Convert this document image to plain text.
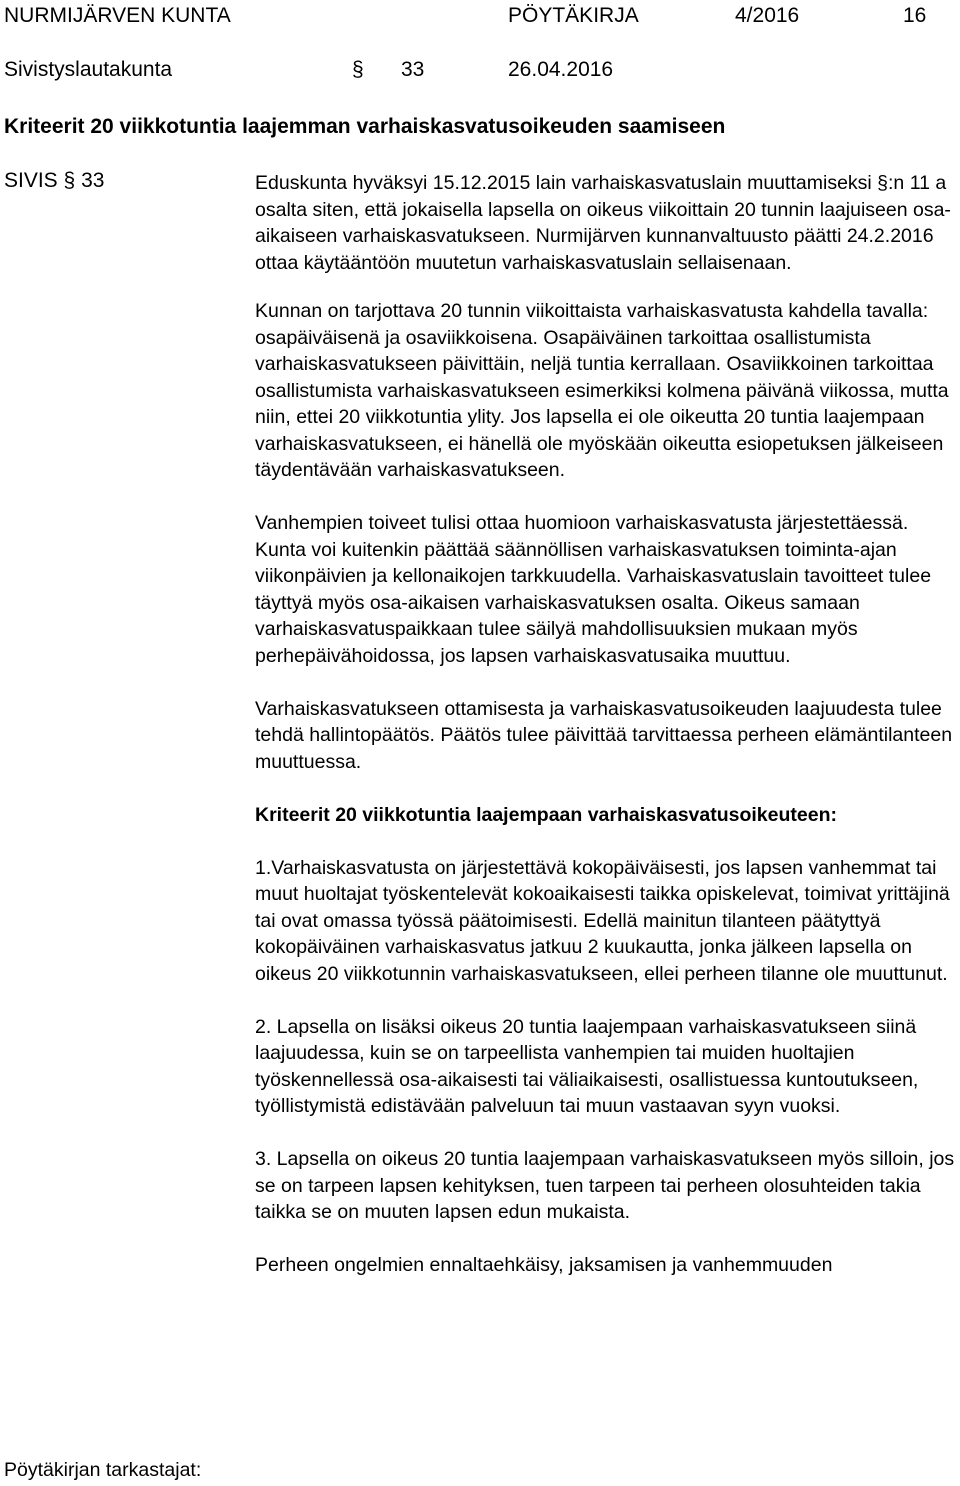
NURMIJÄRVEN KUNTA	PÖYTÄKIRJA	4/2016	16
Sivistyslautakunta	§ 33	26.04.2016
Kriteerit 20 viikkotuntia laajemman varhaiskasvatusoikeuden saamiseen
SIVIS § 33	Eduskunta hyväksyi 15.12.2015 lain varhaiskasvatuslain muuttamiseksi §:n 11 a osalta siten, että jokaisella lapsella on oikeus viikoittain 20 tunnin laajuiseen osa-aikaiseen varhaiskasvatukseen. Nurmijärven kunnanvaltuusto päätti 24.2.2016 ottaa käytääntöön muutetun varhaiskasvatuslain sellaisenaan.

Kunnan on tarjottava 20 tunnin viikoittaista varhaiskasvatusta kahdella tavalla: osapäiväisenä ja osaviikkoisena. Osapäiväinen tarkoittaa osallistumista varhaiskasvatukseen päivittäin, neljä tuntia kerrallaan. Osaviikkoinen tarkoittaa osallistumista varhaiskasvatukseen esimerkiksi kolmena päivänä viikossa, mutta niin, ettei 20 viikkotuntia ylity. Jos lapsella ei ole oikeutta 20 tuntia laajempaan varhaiskasvatukseen, ei hänellä ole myöskään oikeutta esiopetuksen jälkeiseen täydentävään varhaiskasvatukseen.

Vanhempien toiveet tulisi ottaa huomioon varhaiskasvatusta järjestettäessä. Kunta voi kuitenkin päättää säännöllisen varhaiskasvatuksen toiminta-ajan viikonpäivien ja kellonaikojen tarkkuudella. Varhaiskasvatuslain tavoitteet tulee täyttyä myös osa-aikaisen varhaiskasvatuksen osalta. Oikeus samaan varhaiskasvatuspaikkaan tulee säilyä mahdollisuuksien mukaan myös perhepäivähoidossa, jos lapsen varhaiskasvatusaika muuttuu.

Varhaiskasvatukseen ottamisesta ja varhaiskasvatusoikeuden laajuudesta tulee tehdä hallintopäätös. Päätös tulee päivittää tarvittaessa perheen elämäntilanteen muuttuessa.

Kriteerit 20 viikkotuntia laajempaan varhaiskasvatusoikeuteen:

1.Varhaiskasvatusta on järjestettävä kokopäiväisesti, jos lapsen vanhemmat tai muut huoltajat työskentelevät kokoaikaisesti taikka opiskelevat, toimivat yrittäjinä tai ovat omassa työssä päätoimisesti. Edellä mainitun tilanteen päätyttyä kokopäiväinen varhaiskasvatus jatkuu 2 kuukautta, jonka jälkeen lapsella on oikeus 20 viikkotunnin varhaiskasvatukseen, ellei perheen tilanne ole muuttunut.

2. Lapsella on lisäksi oikeus 20 tuntia laajempaan varhaiskasvatukseen siinä laajuudessa, kuin se on tarpeellista vanhempien tai muiden huoltajien työskennellessä osa-aikaisesti tai väliaikaisesti, osallistuessa kuntoutukseen, työllistymistä edistävään palveluun tai muun vastaavan syyn vuoksi.

3. Lapsella on oikeus 20 tuntia laajempaan varhaiskasvatukseen myös silloin, jos se on tarpeen lapsen kehityksen, tuen tarpeen tai perheen olosuhteiden takia taikka se on muuten lapsen edun mukaista.

Perheen ongelmien ennaltaehkäisy, jaksamisen ja vanhemmuuden

Pöytäkirjan tarkastajat:
